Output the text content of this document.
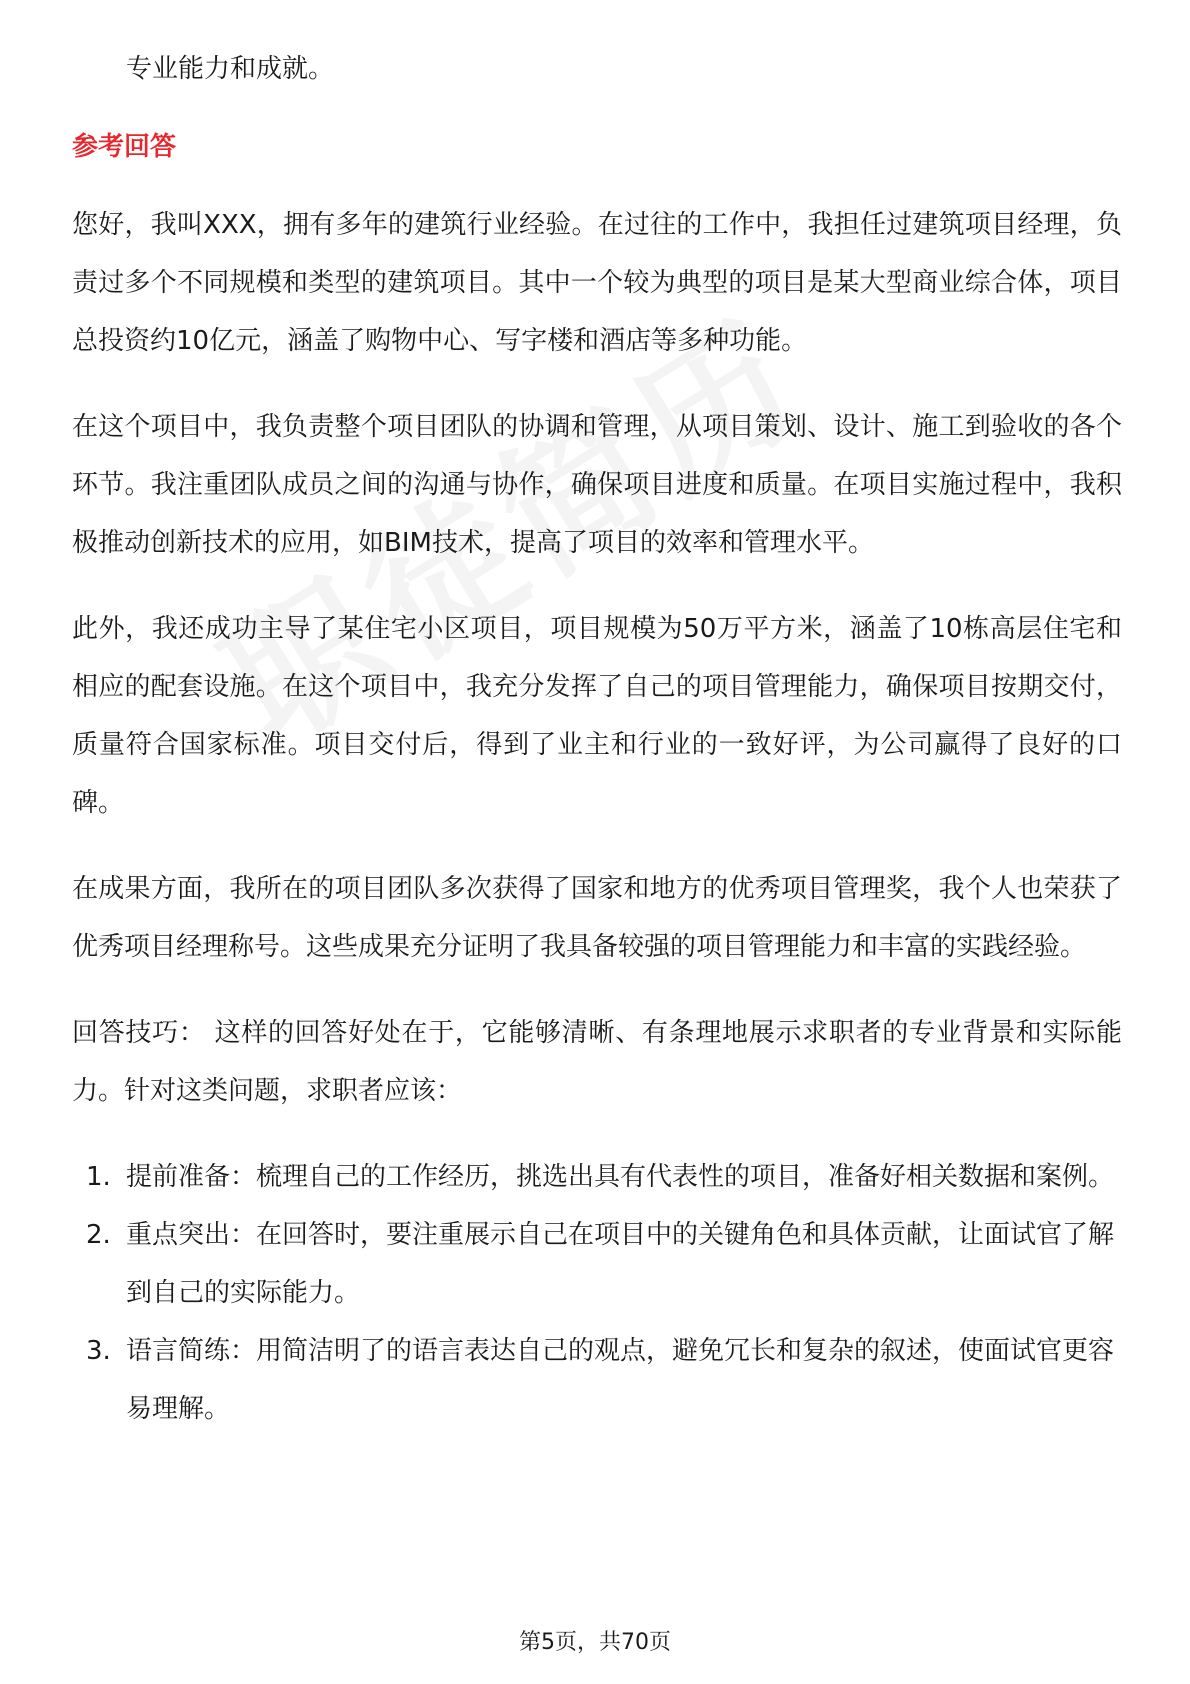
专业能力和成就。

参考回答

您好，我叫XXX，拥有多年的建筑行业经验。在过往的工作中，我担任过建筑项目经理，负责过多个不同规模和类型的建筑项目。其中一个较为典型的项目是某大型商业综合体，项目总投资约10亿元，涵盖了购物中心、写字楼和酒店等多种功能。

在这个项目中，我负责整个项目团队的协调和管理，从项目策划、设计、施工到验收的各个环节。我注重团队成员之间的沟通与协作，确保项目进度和质量。在项目实施过程中，我积极推动创新技术的应用，如BIM技术，提高了项目的效率和管理水平。

此外，我还成功主导了某住宅小区项目，项目规模为50万平方米，涵盖了10栋高层住宅和相应的配套设施。在这个项目中，我充分发挥了自己的项目管理能力，确保项目按期交付，质量符合国家标准。项目交付后，得到了业主和行业的一致好评，为公司赢得了良好的口碑。

在成果方面，我所在的项目团队多次获得了国家和地方的优秀项目管理奖，我个人也荣获了优秀项目经理称号。这些成果充分证明了我具备较强的项目管理能力和丰富的实践经验。

回答技巧： 这样的回答好处在于，它能够清晰、有条理地展示求职者的专业背景和实际能力。针对这类问题，求职者应该：

1. 提前准备：梳理自己的工作经历，挑选出具有代表性的项目，准备好相关数据和案例。
2. 重点突出：在回答时，要注重展示自己在项目中的关键角色和具体贡献，让面试官了解到自己的实际能力。
3. 语言简练：用简洁明了的语言表达自己的观点，避免冗长和复杂的叙述，使面试官更容易理解。
第5页，共70页
